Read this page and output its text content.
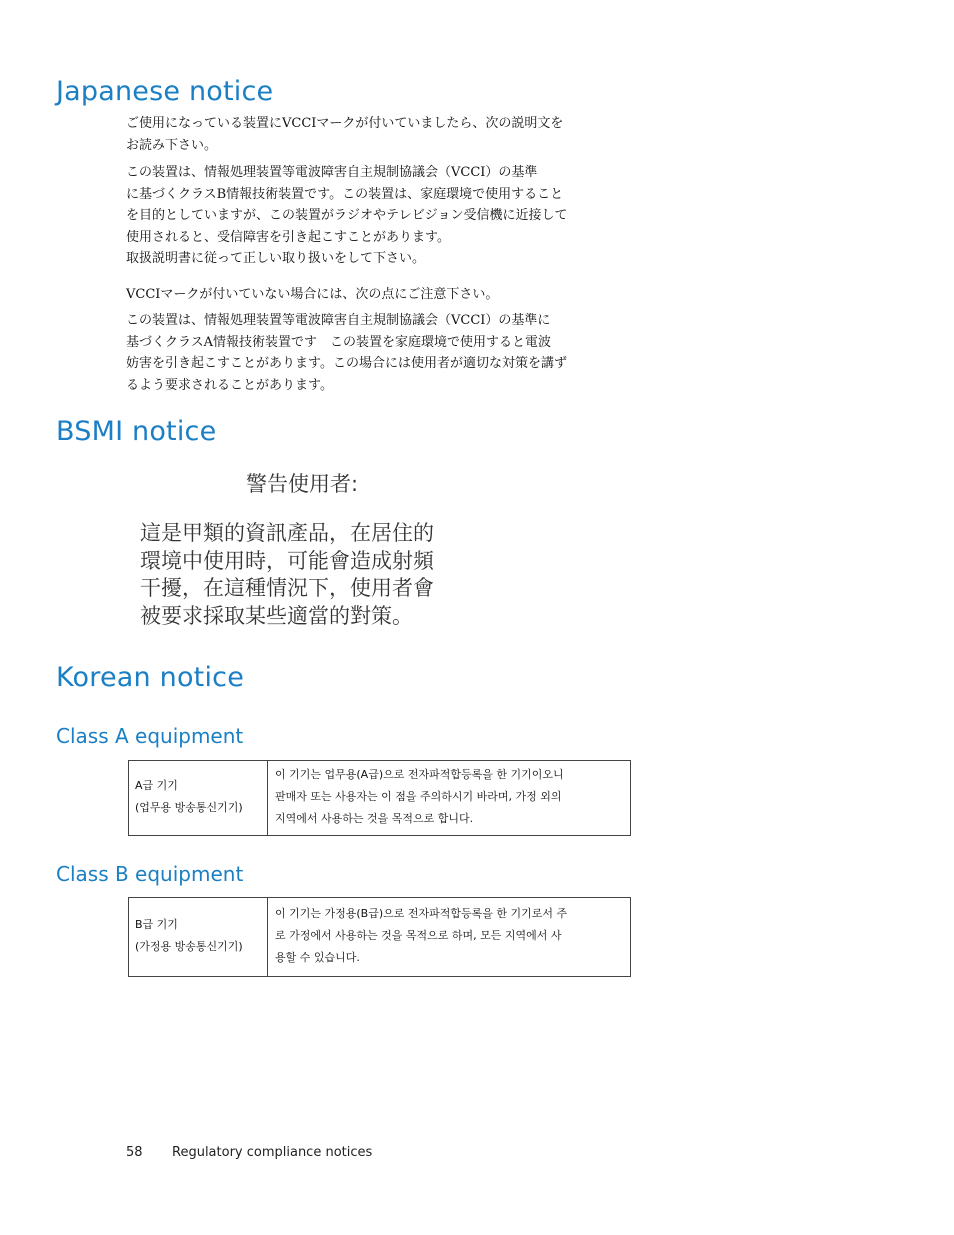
Japanese notice

ご使用になっている装置にVCCIマークが付いていましたら、次の説明文を
お読み下さい。

この装置は、情報処理装置等電波障害自主規制協議会（VCCI）の基準
に基づくクラスB情報技術装置です。この装置は、家庭環境で使用すること
を目的としていますが、この装置がラジオやテレビジョン受信機に近接して
使用されると、受信障害を引き起こすことがあります。
取扱説明書に従って正しい取り扱いをして下さい。

VCCIマークが付いていない場合には、次の点にご注意下さい。

この装置は、情報処理装置等電波障害自主規制協議会（VCCI）の基準に
基づくクラスA情報技術装置です　この装置を家庭環境で使用すると電波
妨害を引き起こすことがあります。この場合には使用者が適切な対策を講ず
るよう要求されることがあります。

BSMI notice
警告使用者:
這是甲類的資訊產品，在居住的
環境中使用時，可能會造成射頻
干擾，在這種情況下，使用者會
被要求採取某些適當的對策。
Korean notice
Class A equipment
A급 기기
(업무용 방송통신기기)

이 기기는 업무용(A급)으로 전자파적합등록을 한 기기이오니
판매자 또는 사용자는 이 점을 주의하시기 바라며, 가정 외의
지역에서 사용하는 것을 목적으로 합니다.
Class B equipment
B급 기기
(가정용 방송통신기기)

이 기기는 가정용(B급)으로 전자파적합등록을 한 기기로서 주
로 가정에서 사용하는 것을 목적으로 하며, 모든 지역에서 사
용할 수 있습니다.
58 Regulatory compliance notices
